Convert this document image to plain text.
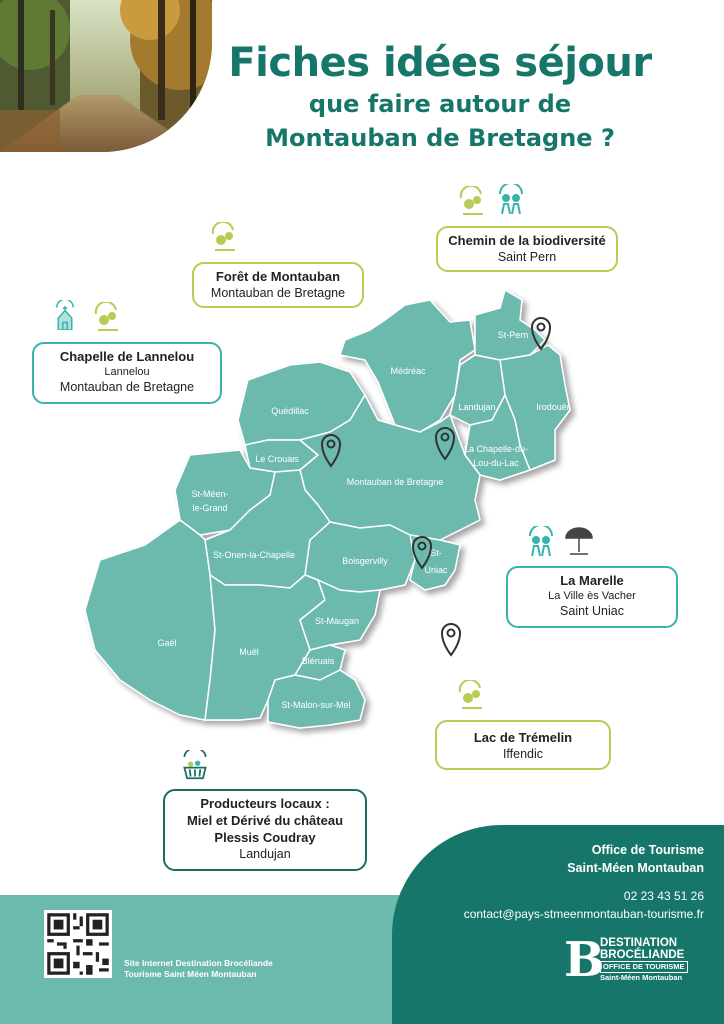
Fiches idées séjour
que faire autour de
Montauban de Bretagne ?
Médréac
St-Pern
Irodouër
Landujan
La Chapelle-du-
Lou-du-Lac
Quédillac
Le Crouais
Montauban de Bretagne
St-Méen-
le-Grand
St-Onen-la-Chapelle
Boisgervilly
St-
Uniac
Gaël
Muël
St-Maugan
Bléruais
St-Malon-sur-Mel
Chemin de la biodiversité
Saint Pern
Forêt de Montauban
Montauban de Bretagne
Chapelle de Lannelou
Lannelou
Montauban de Bretagne
La Marelle
La Ville ès Vacher
Saint Uniac
Lac de Trémelin
Iffendic
Producteurs locaux :
Miel et Dérivé du château
Plessis Coudray
Landujan	Office de Tourisme
Saint-Méen Montauban
02 23 43 51 26
contact@pays-stmeenmontauban-tourisme.fr
B
DESTINATION
BROCÉLIANDE
OFFICE DE TOURISME
Saint-Méen Montauban
Site Internet Destination Brocéliande
Tourisme Saint Méen Montauban
